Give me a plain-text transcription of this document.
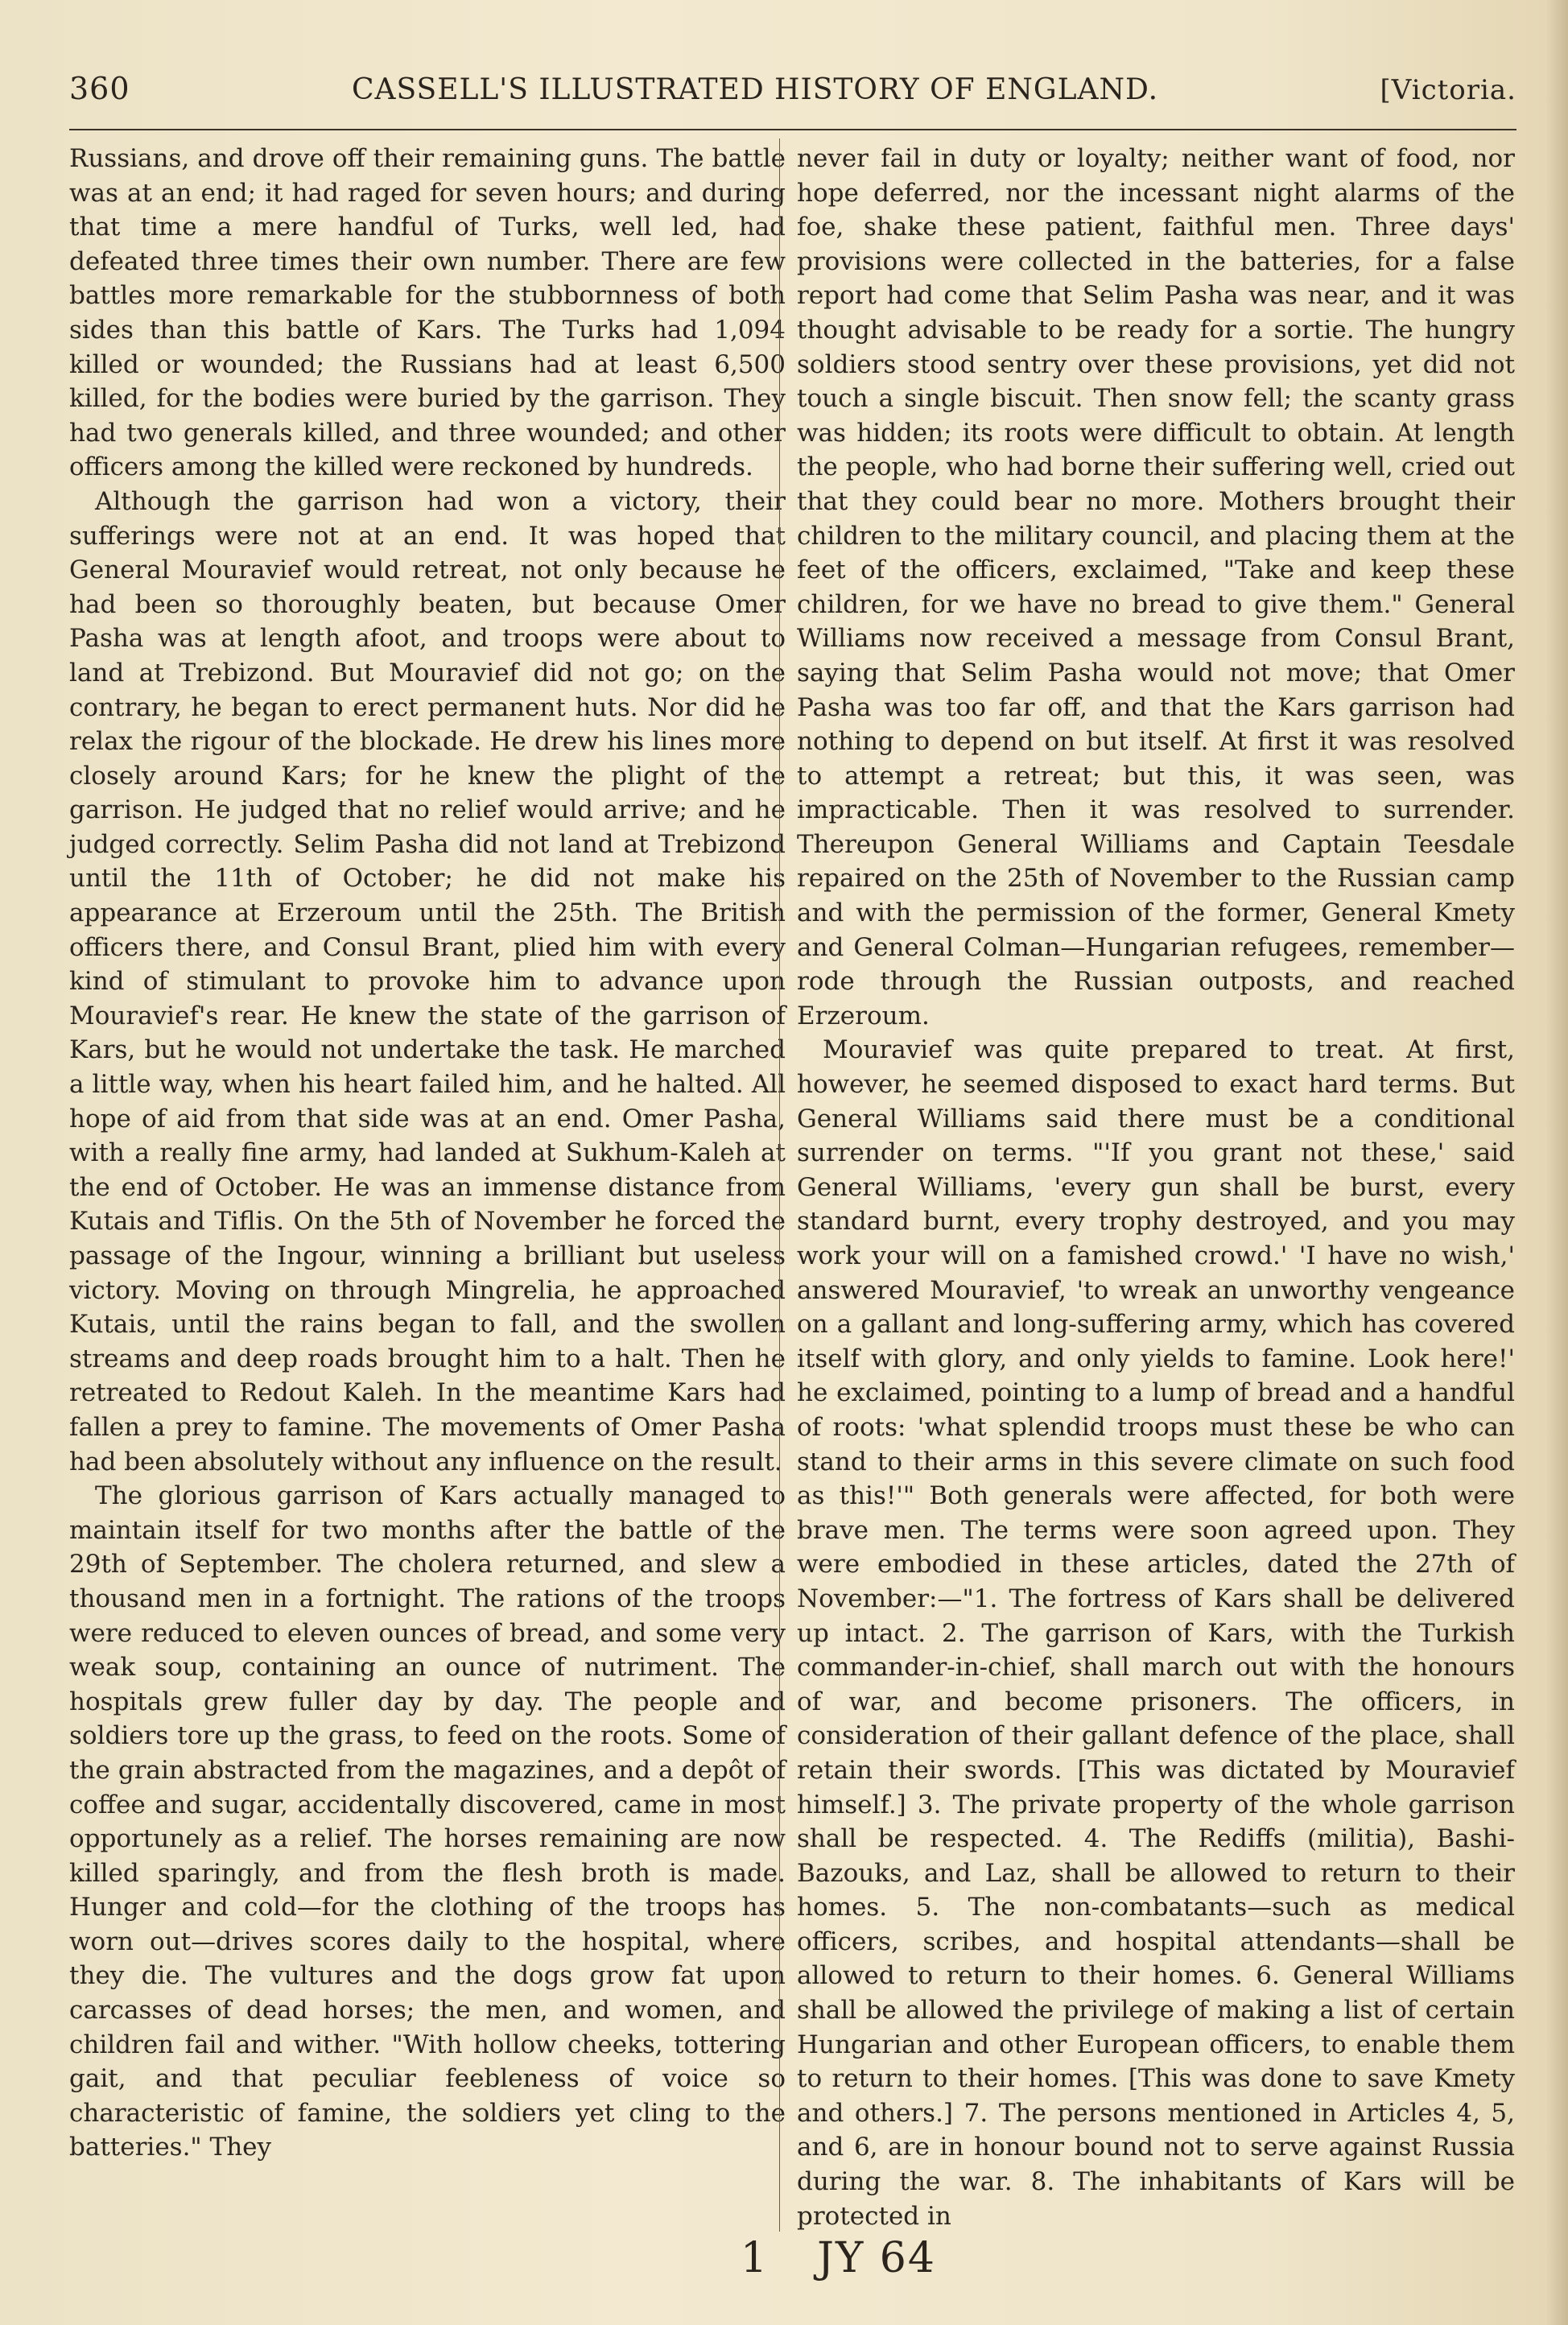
360	CASSELL'S ILLUSTRATED HISTORY OF ENGLAND.	[Victoria.

Russians, and drove off their remaining guns. The battle was at an end; it had raged for seven hours; and during that time a mere handful of Turks, well led, had defeated three times their own number. There are few battles more remarkable for the stubbornness of both sides than this battle of Kars. The Turks had 1,094 killed or wounded; the Russians had at least 6,500 killed, for the bodies were buried by the garrison. They had two generals killed, and three wounded; and other officers among the killed were reckoned by hundreds.

Although the garrison had won a victory, their sufferings were not at an end. It was hoped that General Mouravief would retreat, not only because he had been so thoroughly beaten, but because Omer Pasha was at length afoot, and troops were about to land at Trebizond. But Mouravief did not go; on the contrary, he began to erect permanent huts. Nor did he relax the rigour of the blockade. He drew his lines more closely around Kars; for he knew the plight of the garrison. He judged that no relief would arrive; and he judged correctly. Selim Pasha did not land at Trebizond until the 11th of October; he did not make his appearance at Erzeroum until the 25th. The British officers there, and Consul Brant, plied him with every kind of stimulant to provoke him to advance upon Mouravief's rear. He knew the state of the garrison of Kars, but he would not undertake the task. He marched a little way, when his heart failed him, and he halted. All hope of aid from that side was at an end. Omer Pasha, with a really fine army, had landed at Sukhum-Kaleh at the end of October. He was an immense distance from Kutais and Tiflis. On the 5th of November he forced the passage of the Ingour, winning a brilliant but useless victory. Moving on through Mingrelia, he approached Kutais, until the rains began to fall, and the swollen streams and deep roads brought him to a halt. Then he retreated to Redout Kaleh. In the meantime Kars had fallen a prey to famine. The movements of Omer Pasha had been absolutely without any influence on the result.

The glorious garrison of Kars actually managed to maintain itself for two months after the battle of the 29th of September. The cholera returned, and slew a thousand men in a fortnight. The rations of the troops were reduced to eleven ounces of bread, and some very weak soup, containing an ounce of nutriment. The hospitals grew fuller day by day. The people and soldiers tore up the grass, to feed on the roots. Some of the grain abstracted from the magazines, and a depôt of coffee and sugar, accidentally discovered, came in most opportunely as a relief. The horses remaining are now killed sparingly, and from the flesh broth is made. Hunger and cold—for the clothing of the troops has worn out—drives scores daily to the hospital, where they die. The vultures and the dogs grow fat upon carcasses of dead horses; the men, and women, and children fail and wither. "With hollow cheeks, tottering gait, and that peculiar feebleness of voice so characteristic of famine, the soldiers yet cling to the batteries." They

never fail in duty or loyalty; neither want of food, nor hope deferred, nor the incessant night alarms of the foe, shake these patient, faithful men. Three days' provisions were collected in the batteries, for a false report had come that Selim Pasha was near, and it was thought advisable to be ready for a sortie. The hungry soldiers stood sentry over these provisions, yet did not touch a single biscuit. Then snow fell; the scanty grass was hidden; its roots were difficult to obtain. At length the people, who had borne their suffering well, cried out that they could bear no more. Mothers brought their children to the military council, and placing them at the feet of the officers, exclaimed, "Take and keep these children, for we have no bread to give them." General Williams now received a message from Consul Brant, saying that Selim Pasha would not move; that Omer Pasha was too far off, and that the Kars garrison had nothing to depend on but itself. At first it was resolved to attempt a retreat; but this, it was seen, was impracticable. Then it was resolved to surrender. Thereupon General Williams and Captain Teesdale repaired on the 25th of November to the Russian camp and with the permission of the former, General Kmety and General Colman—Hungarian refugees, remember—rode through the Russian outposts, and reached Erzeroum.

Mouravief was quite prepared to treat. At first, however, he seemed disposed to exact hard terms. But General Williams said there must be a conditional surrender on terms. "'If you grant not these,' said General Williams, 'every gun shall be burst, every standard burnt, every trophy destroyed, and you may work your will on a famished crowd.' 'I have no wish,' answered Mouravief, 'to wreak an unworthy vengeance on a gallant and long-suffering army, which has covered itself with glory, and only yields to famine. Look here!' he exclaimed, pointing to a lump of bread and a handful of roots: 'what splendid troops must these be who can stand to their arms in this severe climate on such food as this!'" Both generals were affected, for both were brave men. The terms were soon agreed upon. They were embodied in these articles, dated the 27th of November:—"1. The fortress of Kars shall be delivered up intact. 2. The garrison of Kars, with the Turkish commander-in-chief, shall march out with the honours of war, and become prisoners. The officers, in consideration of their gallant defence of the place, shall retain their swords. [This was dictated by Mouravief himself.] 3. The private property of the whole garrison shall be respected. 4. The Rediffs (militia), Bashi-Bazouks, and Laz, shall be allowed to return to their homes. 5. The non-combatants—such as medical officers, scribes, and hospital attendants—shall be allowed to return to their homes. 6. General Williams shall be allowed the privilege of making a list of certain Hungarian and other European officers, to enable them to return to their homes. [This was done to save Kmety and others.] 7. The persons mentioned in Articles 4, 5, and 6, are in honour bound not to serve against Russia during the war. 8. The inhabitants of Kars will be protected in

1 JY 64
